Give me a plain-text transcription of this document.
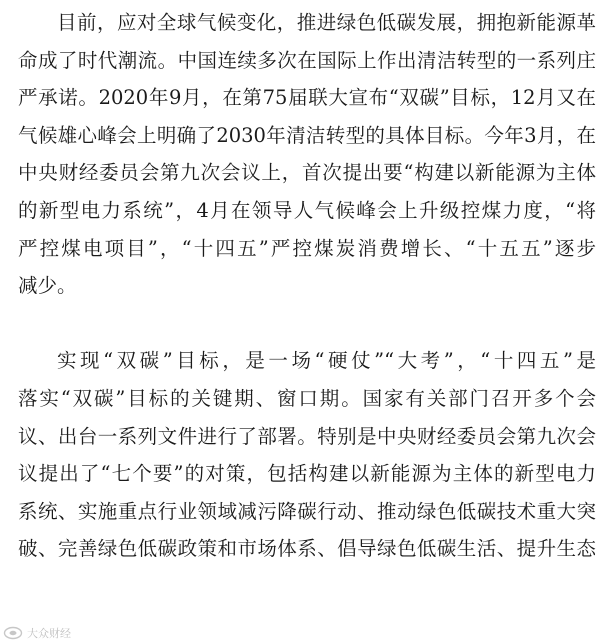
目前，应对全球气候变化，推进绿色低碳发展，拥抱新能源革
命成了时代潮流。中国连续多次在国际上作出清洁转型的一系列庄
严承诺。2020年9月，在第75届联大宣布“双碳”目标，12月又在
气候雄心峰会上明确了2030年清洁转型的具体目标。今年3月，在
中央财经委员会第九次会议上，首次提出要“构建以新能源为主体
的新型电力系统”，4月在领导人气候峰会上升级控煤力度，“将
严控煤电项目”，“十四五”严控煤炭消费增长、“十五五”逐步
减少。
实现“双碳”目标，是一场“硬仗”“大考”，“十四五”是
落实“双碳”目标的关键期、窗口期。国家有关部门召开多个会
议、出台一系列文件进行了部署。特别是中央财经委员会第九次会
议提出了“七个要”的对策，包括构建以新能源为主体的新型电力
系统、实施重点行业领域减污降碳行动、推动绿色低碳技术重大突
破、完善绿色低碳政策和市场体系、倡导绿色低碳生活、提升生态
大众财经
